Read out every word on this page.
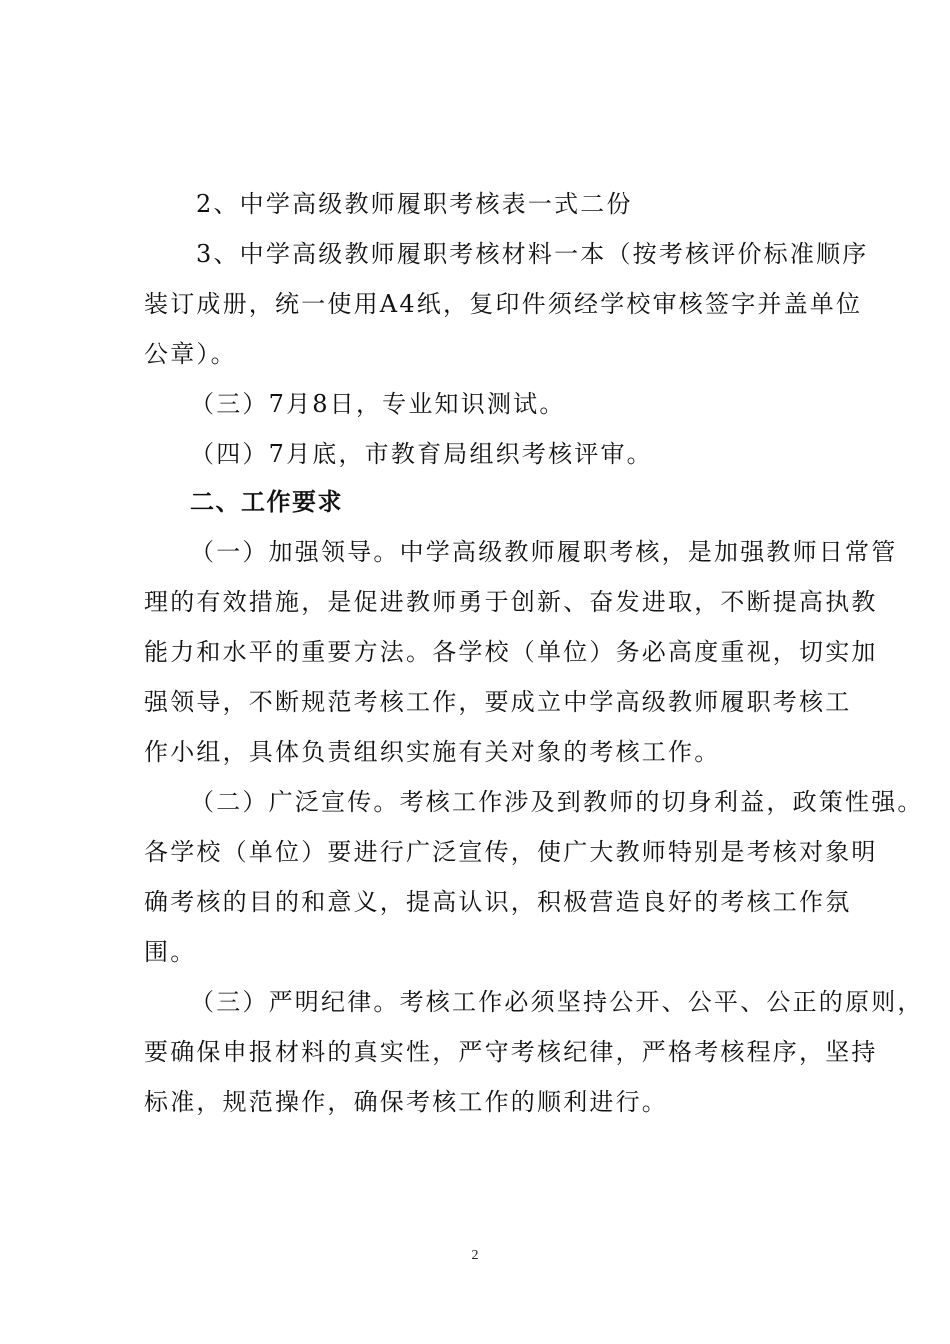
2、中学高级教师履职考核表一式二份
3、中学高级教师履职考核材料一本（按考核评价标准顺序
装订成册，统一使用A4纸，复印件须经学校审核签字并盖单位
公章）。
（三）7月8日，专业知识测试。
（四）7月底，市教育局组织考核评审。
二、工作要求
（一）加强领导。中学高级教师履职考核，是加强教师日常管
理的有效措施，是促进教师勇于创新、奋发进取，不断提高执教
能力和水平的重要方法。各学校（单位）务必高度重视，切实加
强领导，不断规范考核工作，要成立中学高级教师履职考核工
作小组，具体负责组织实施有关对象的考核工作。
（二）广泛宣传。考核工作涉及到教师的切身利益，政策性强。
各学校（单位）要进行广泛宣传，使广大教师特别是考核对象明
确考核的目的和意义，提高认识，积极营造良好的考核工作氛
围。
（三）严明纪律。考核工作必须坚持公开、公平、公正的原则，
要确保申报材料的真实性，严守考核纪律，严格考核程序，坚持
标准，规范操作，确保考核工作的顺利进行。
2
